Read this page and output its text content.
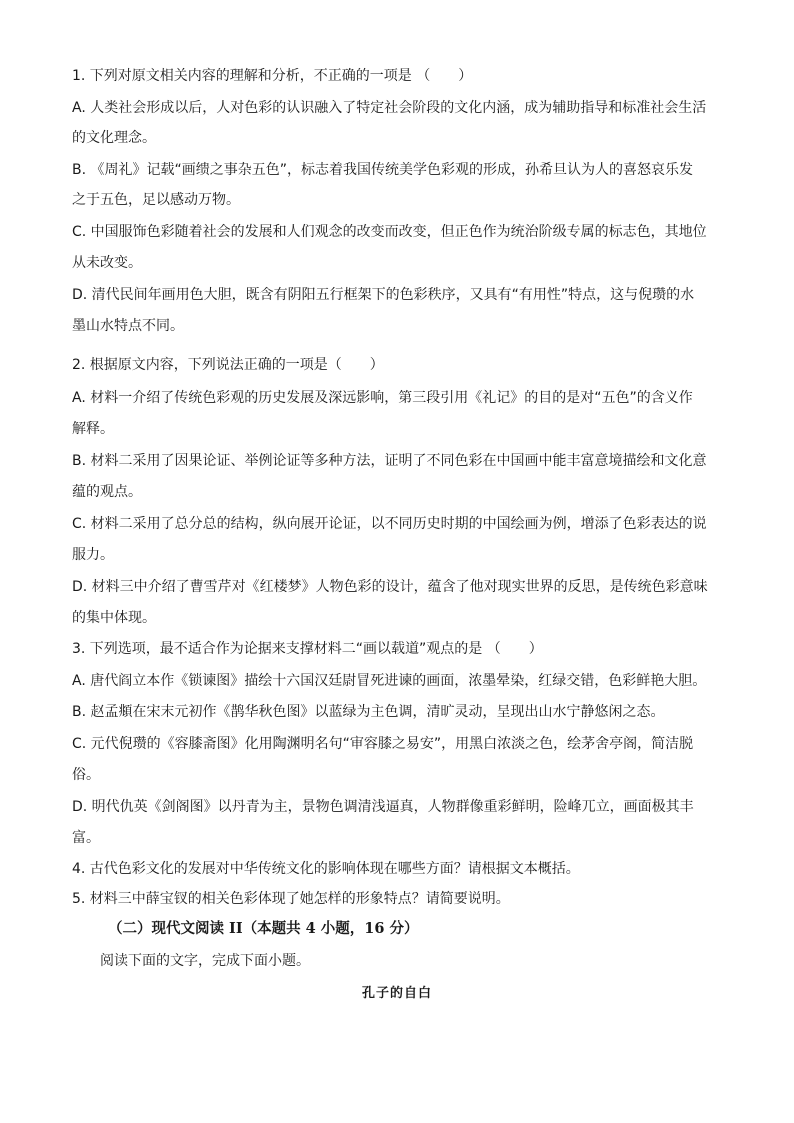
1. 下列对原文相关内容的理解和分析，不正确的一项是 （　　）
A. 人类社会形成以后，人对色彩的认识融入了特定社会阶段的文化内涵，成为辅助指导和标准社会生活
的文化理念。
B. 《周礼》记载“画缋之事杂五色”，标志着我国传统美学色彩观的形成，孙希旦认为人的喜怒哀乐发
之于五色，足以感动万物。
C. 中国服饰色彩随着社会的发展和人们观念的改变而改变，但正色作为统治阶级专属的标志色，其地位
从未改变。
D. 清代民间年画用色大胆，既含有阴阳五行框架下的色彩秩序，又具有“有用性”特点，这与倪瓒的水
墨山水特点不同。
2. 根据原文内容，下列说法正确的一项是（　　）
A. 材料一介绍了传统色彩观的历史发展及深远影响，第三段引用《礼记》的目的是对“五色”的含义作
解释。
B. 材料二采用了因果论证、举例论证等多种方法，证明了不同色彩在中国画中能丰富意境描绘和文化意
蕴的观点。
C. 材料二采用了总分总的结构，纵向展开论证，以不同历史时期的中国绘画为例，增添了色彩表达的说
服力。
D. 材料三中介绍了曹雪芹对《红楼梦》人物色彩的设计，蕴含了他对现实世界的反思，是传统色彩意味
的集中体现。
3. 下列选项，最不适合作为论据来支撑材料二“画以载道”观点的是 （　　）
A. 唐代阎立本作《锁谏图》描绘十六国汉廷尉冒死进谏的画面，浓墨晕染，红绿交错，色彩鲜艳大胆。
B. 赵孟頫在宋末元初作《鹊华秋色图》以蓝绿为主色调，清旷灵动，呈现出山水宁静悠闲之态。
C. 元代倪瓒的《容膝斋图》化用陶渊明名句“审容膝之易安”，用黑白浓淡之色，绘茅舍亭阁，简洁脱
俗。
D. 明代仇英《剑阁图》以丹青为主，景物色调清浅逼真，人物群像重彩鲜明，险峰兀立，画面极其丰
富。
4. 古代色彩文化的发展对中华传统文化的影响体现在哪些方面？请根据文本概括。
5. 材料三中薛宝钗的相关色彩体现了她怎样的形象特点？请简要说明。
（二）现代文阅读 II（本题共 4 小题，16 分）
阅读下面的文字，完成下面小题。
孔子的自白
